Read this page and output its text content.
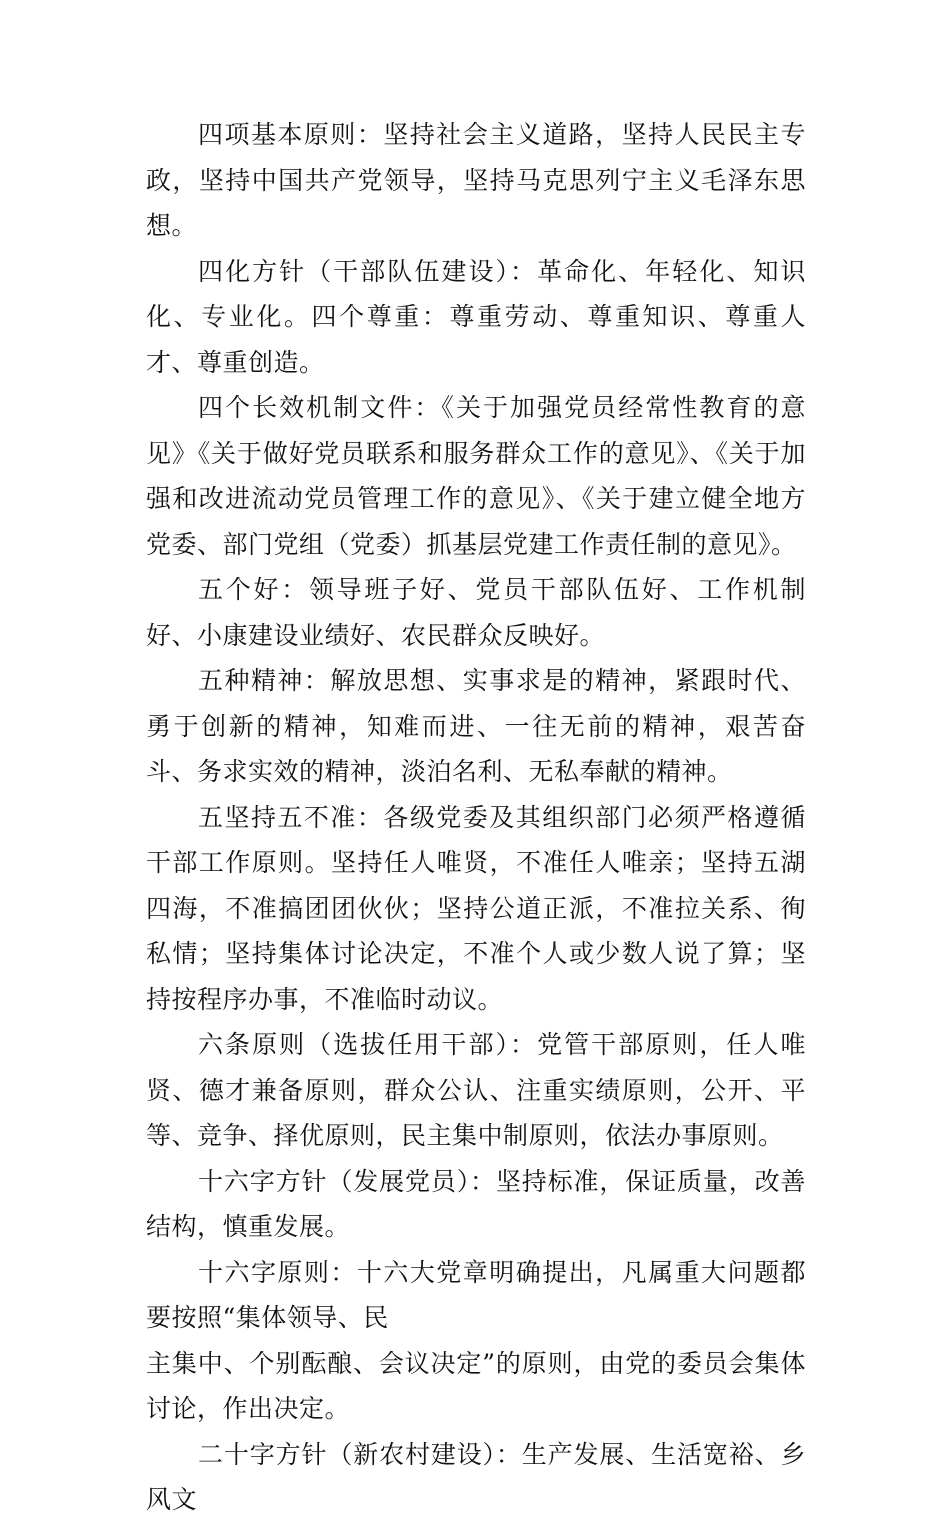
四项基本原则：坚持社会主义道路，坚持人民民主专政，坚持中国共产党领导，坚持马克思列宁主义毛泽东思想。

四化方针（干部队伍建设）：革命化、年轻化、知识化、专业化。四个尊重：尊重劳动、尊重知识、尊重人才、尊重创造。

四个长效机制文件：《关于加强党员经常性教育的意见》《关于做好党员联系和服务群众工作的意见》、《关于加强和改进流动党员管理工作的意见》、《关于建立健全地方党委、部门党组（党委）抓基层党建工作责任制的意见》。

五个好：领导班子好、党员干部队伍好、工作机制好、小康建设业绩好、农民群众反映好。

五种精神：解放思想、实事求是的精神，紧跟时代、勇于创新的精神，知难而进、一往无前的精神，艰苦奋斗、务求实效的精神，淡泊名利、无私奉献的精神。

五坚持五不准：各级党委及其组织部门必须严格遵循干部工作原则。坚持任人唯贤，不准任人唯亲；坚持五湖四海，不准搞团团伙伙；坚持公道正派，不准拉关系、徇私情；坚持集体讨论决定，不准个人或少数人说了算；坚持按程序办事，不准临时动议。

六条原则（选拔任用干部）：党管干部原则，任人唯贤、德才兼备原则，群众公认、注重实绩原则，公开、平等、竞争、择优原则，民主集中制原则，依法办事原则。

十六字方针（发展党员）：坚持标准，保证质量，改善结构，慎重发展。

十六字原则：十六大党章明确提出，凡属重大问题都要按照“集体领导、民

主集中、个别酝酿、会议决定”的原则，由党的委员会集体讨论，作出决定。

二十字方针（新农村建设）：生产发展、生活宽裕、乡风文
